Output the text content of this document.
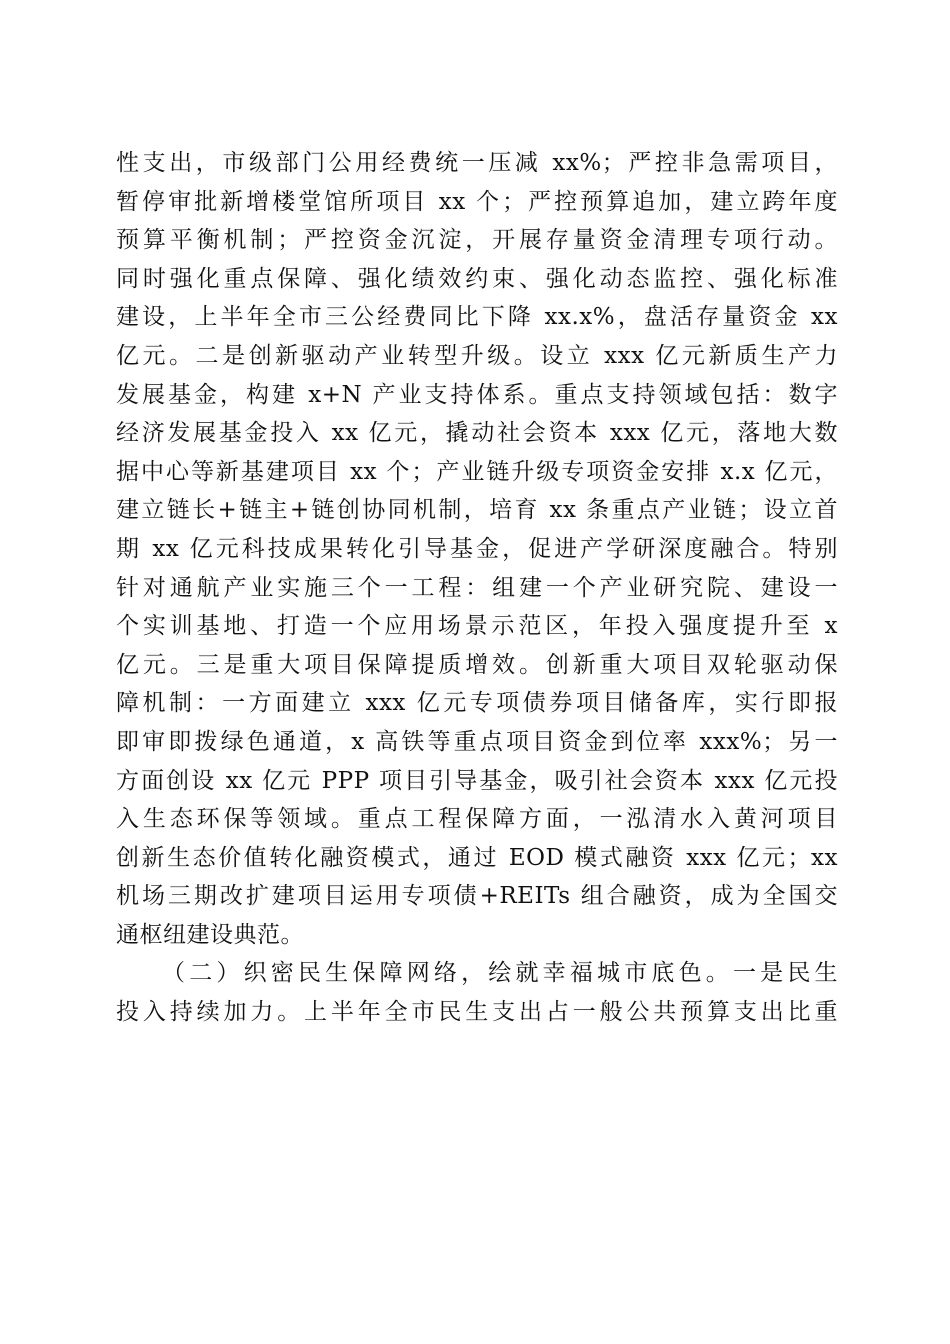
性支出，市级部门公用经费统一压减 xx%；严控非急需项目，
暂停审批新增楼堂馆所项目 xx 个；严控预算追加，建立跨年度
预算平衡机制；严控资金沉淀，开展存量资金清理专项行动。
同时强化重点保障、强化绩效约束、强化动态监控、强化标准
建设，上半年全市三公经费同比下降 xx.x%，盘活存量资金 xx
亿元。二是创新驱动产业转型升级。设立 xxx 亿元新质生产力
发展基金，构建 x+N 产业支持体系。重点支持领域包括：数字
经济发展基金投入 xx 亿元，撬动社会资本 xxx 亿元，落地大数
据中心等新基建项目 xx 个；产业链升级专项资金安排 x.x 亿元，
建立链长+链主+链创协同机制，培育 xx 条重点产业链；设立首
期 xx 亿元科技成果转化引导基金，促进产学研深度融合。特别
针对通航产业实施三个一工程：组建一个产业研究院、建设一
个实训基地、打造一个应用场景示范区，年投入强度提升至 x
亿元。三是重大项目保障提质增效。创新重大项目双轮驱动保
障机制：一方面建立 xxx 亿元专项债券项目储备库，实行即报
即审即拨绿色通道，x 高铁等重点项目资金到位率 xxx%；另一
方面创设 xx 亿元 PPP 项目引导基金，吸引社会资本 xxx 亿元投
入生态环保等领域。重点工程保障方面，一泓清水入黄河项目
创新生态价值转化融资模式，通过 EOD 模式融资 xxx 亿元；xx
机场三期改扩建项目运用专项债+REITs 组合融资，成为全国交
通枢纽建设典范。
（二）织密民生保障网络，绘就幸福城市底色。一是民生
投入持续加力。上半年全市民生支出占一般公共预算支出比重
